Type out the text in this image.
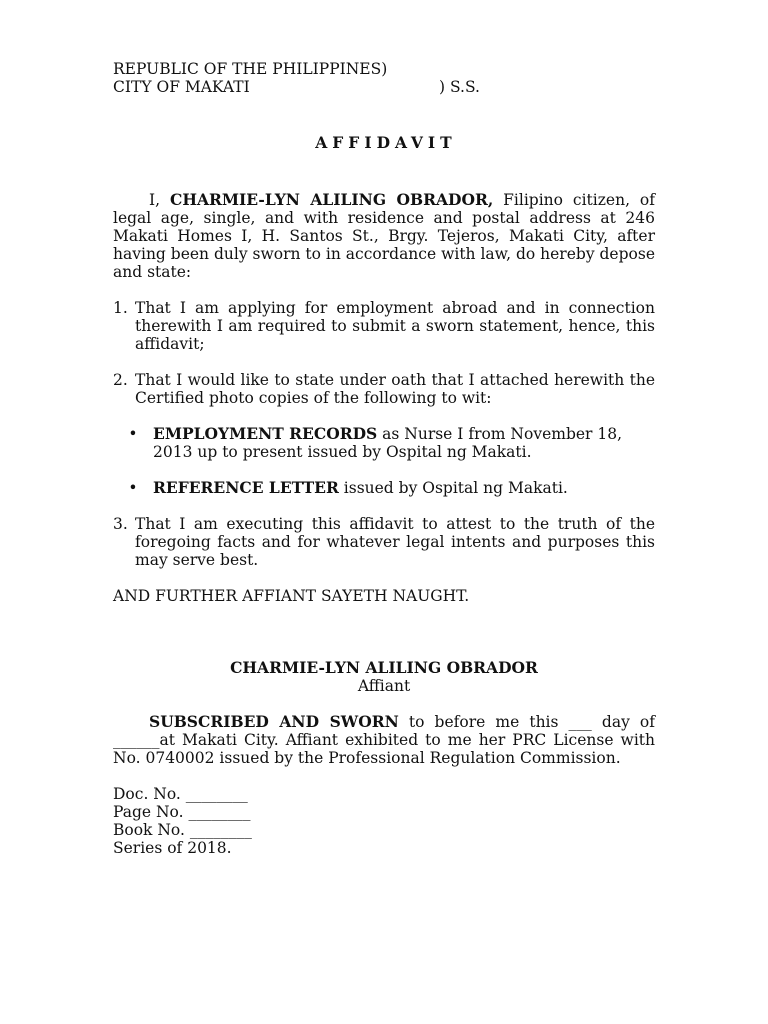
REPUBLIC OF THE PHILIPPINES)
CITY OF MAKATI	) S.S.
AFFIDAVIT

I, CHARMIE-LYN ALILING OBRADOR, Filipino citizen, of legal age, single, and with residence and postal address at 246 Makati Homes I, H. Santos St., Brgy. Tejeros, Makati City, after having been duly sworn to in accordance with law, do hereby depose and state:

1. That I am applying for employment abroad and in connection therewith I am required to submit a sworn statement, hence, this affidavit;
2. That I would like to state under oath that I attached herewith the Certified photo copies of the following to wit:
• EMPLOYMENT RECORDS as Nurse I from November 18, 2013 up to present issued by Ospital ng Makati.
• REFERENCE LETTER issued by Ospital ng Makati.
3. That I am executing this affidavit to attest to the truth of the foregoing facts and for whatever legal intents and purposes this may serve best.

AND FURTHER AFFIANT SAYETH NAUGHT.

CHARMIE-LYN ALILING OBRADOR
Affiant

SUBSCRIBED AND SWORN to before me this ___ day of ______at Makati City. Affiant exhibited to me her PRC License with No. 0740002 issued by the Professional Regulation Commission.

Doc. No. ________
Page No. ________
Book No. ________
Series of 2018.
